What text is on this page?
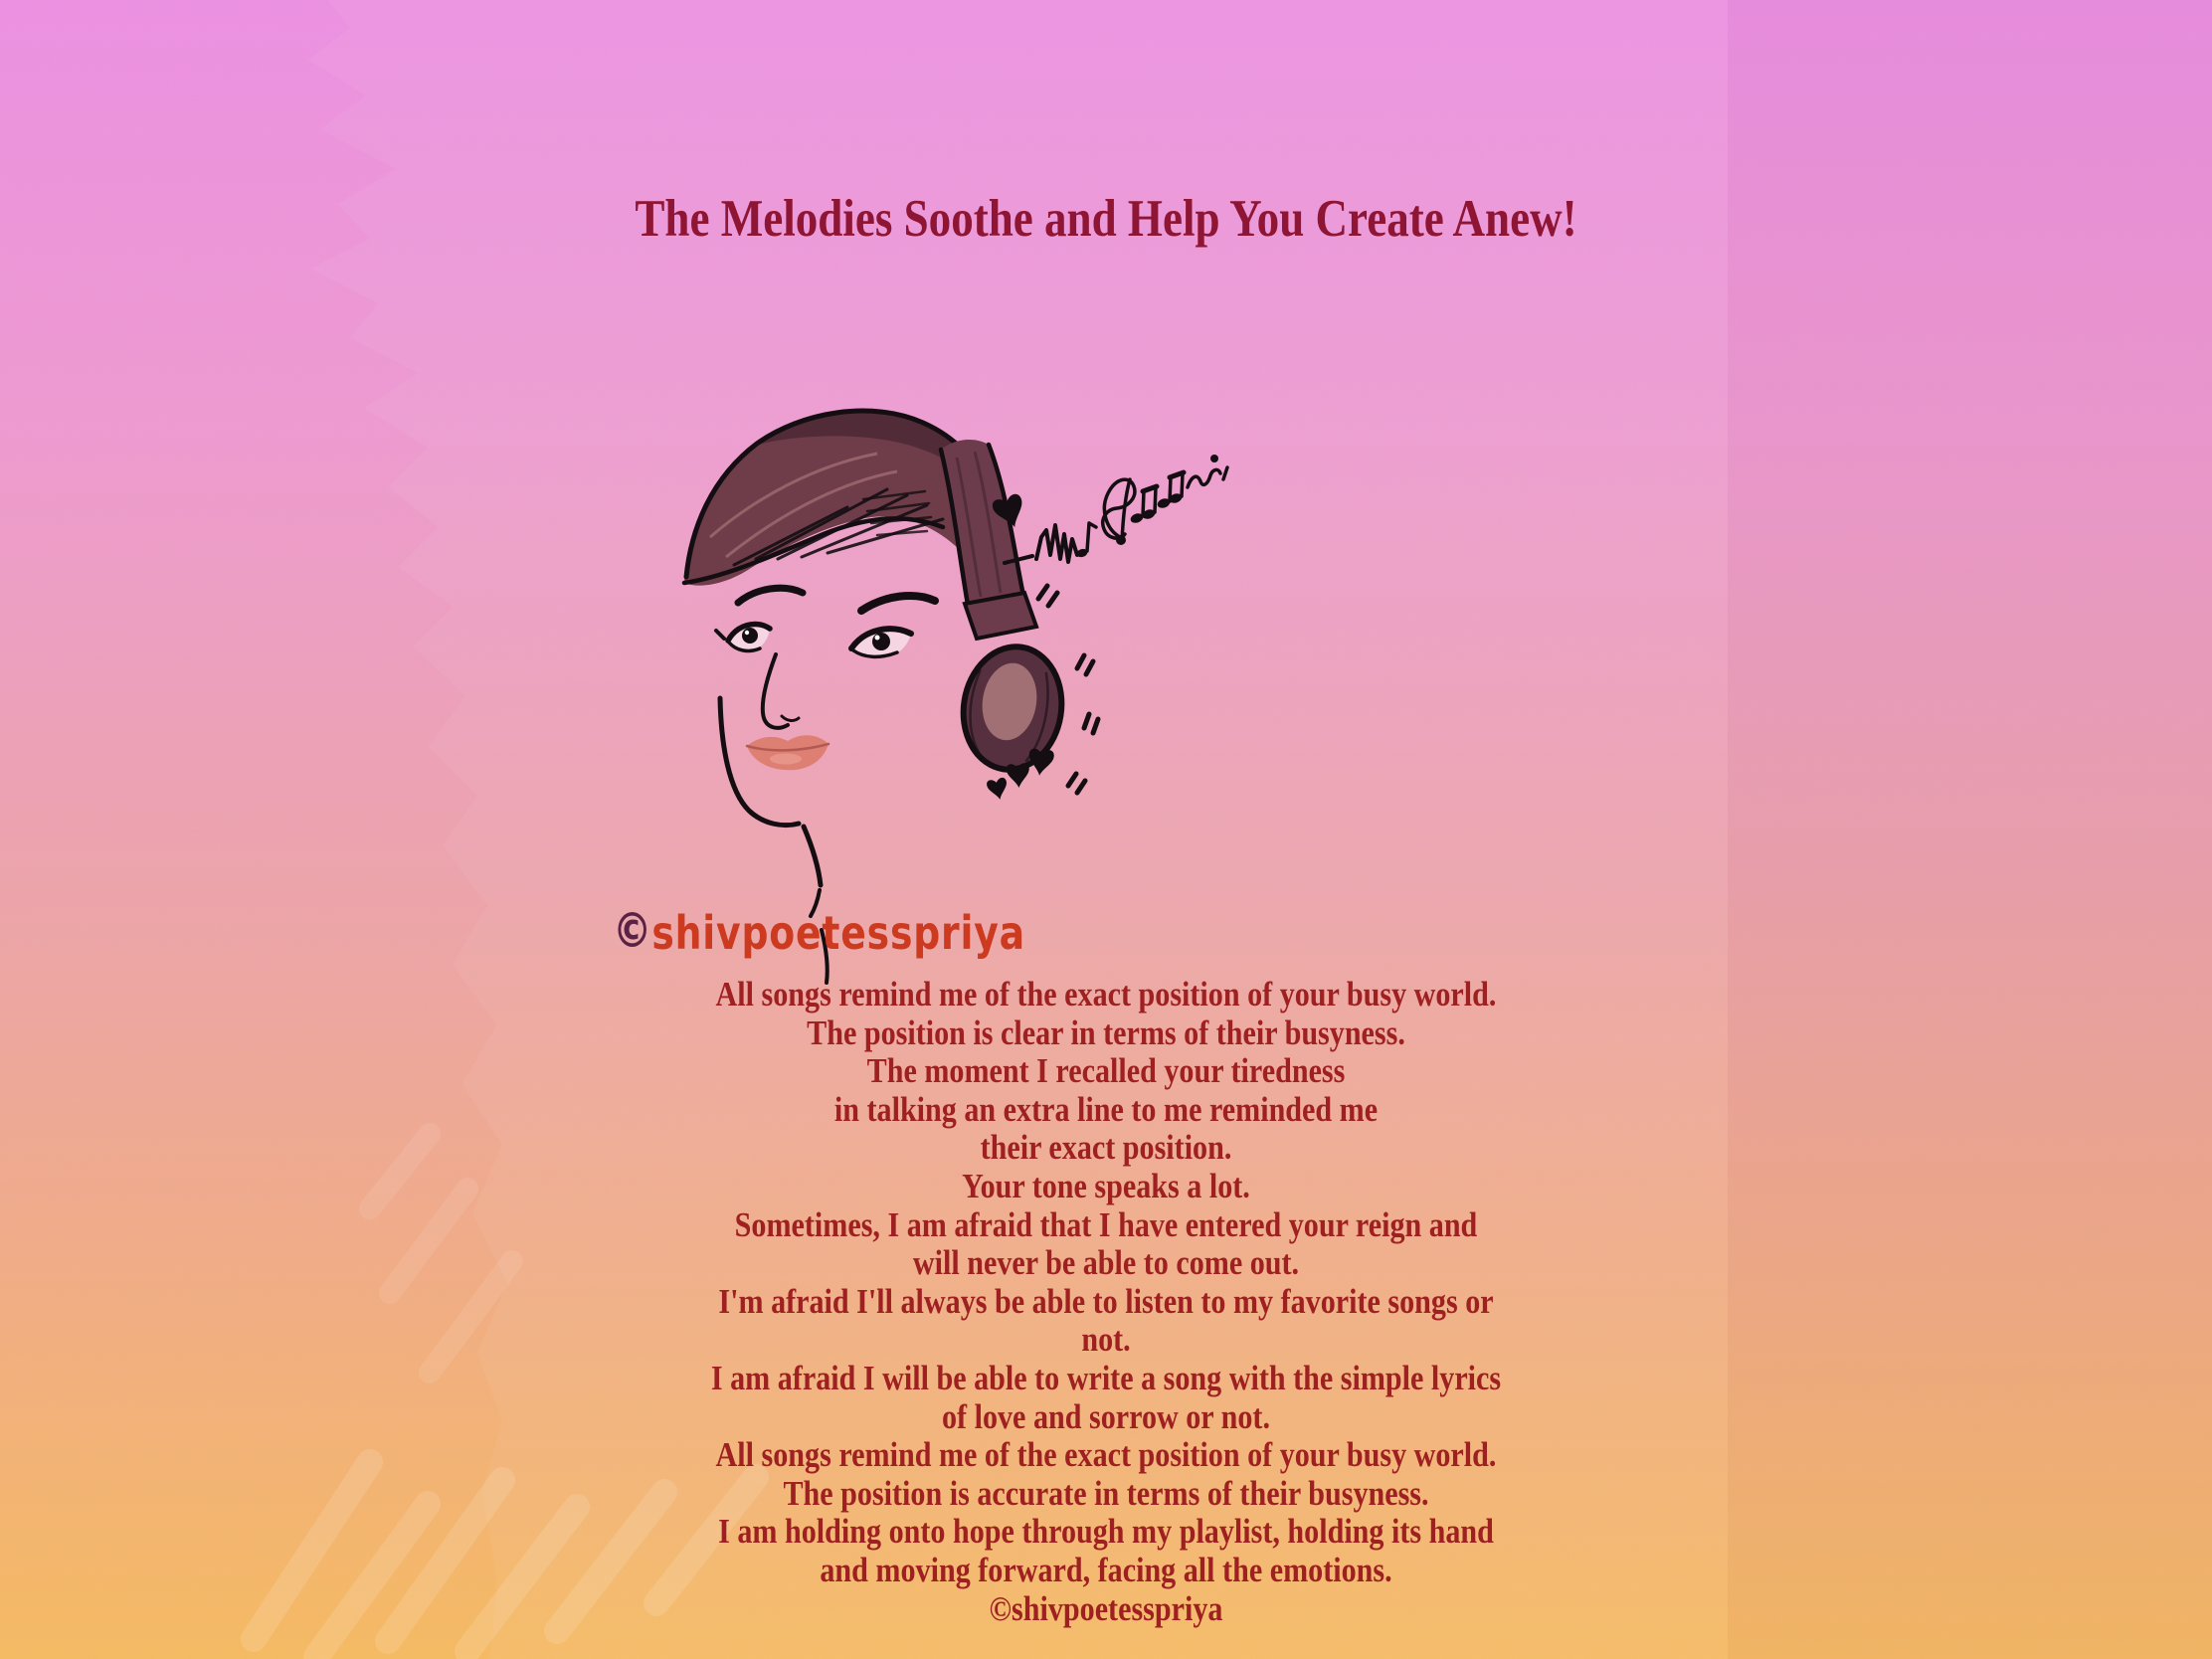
The Melodies Soothe and Help You Create Anew!
©shivpoetesspriya
All songs remind me of the exact position of your busy world.
The position is clear in terms of their busyness.
The moment I recalled your tiredness
in talking an extra line to me reminded me
their exact position.
Your tone speaks a lot.
Sometimes, I am afraid that I have entered your reign and
will never be able to come out.
I'm afraid I'll always be able to listen to my favorite songs or
not.
I am afraid I will be able to write a song with the simple lyrics
of love and sorrow or not.
All songs remind me of the exact position of your busy world.
The position is accurate in terms of their busyness.
I am holding onto hope through my playlist, holding its hand
and moving forward, facing all the emotions.
©shivpoetesspriya
